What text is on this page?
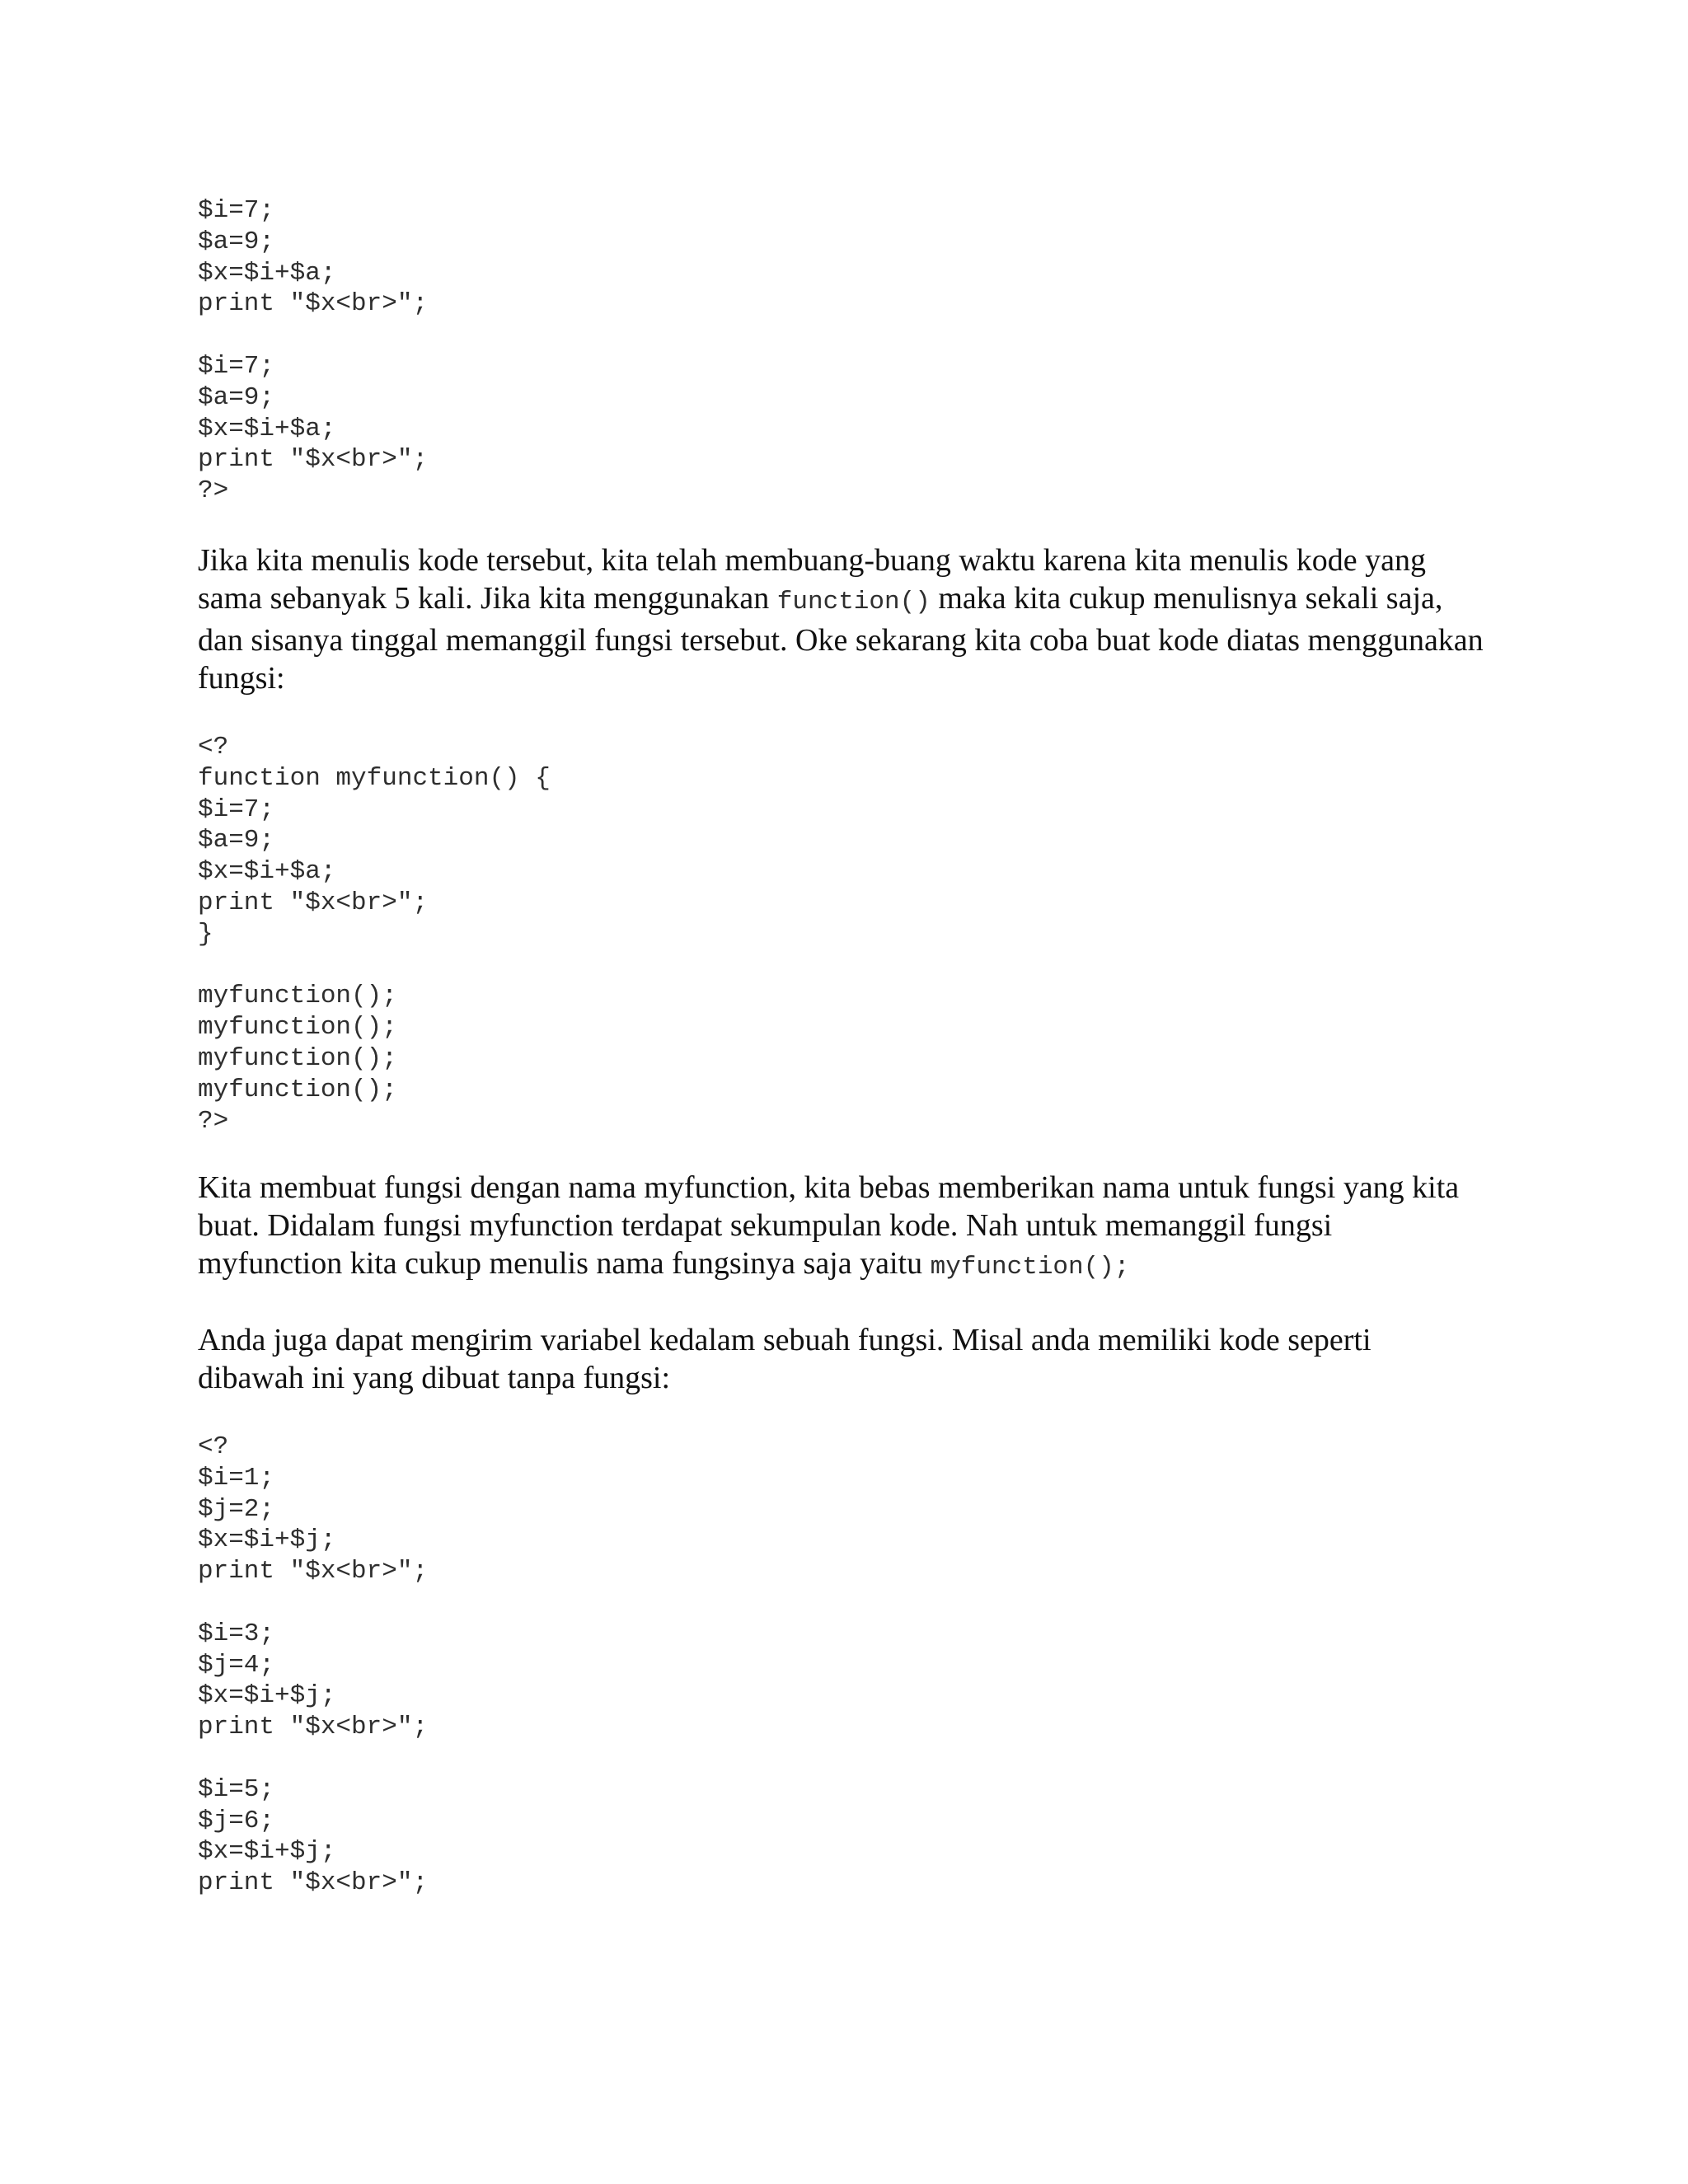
$i=7;
$a=9;
$x=$i+$a;
print "$x<br>";

$i=7;
$a=9;
$x=$i+$a;
print "$x<br>";
?>

Jika kita menulis kode tersebut, kita telah membuang-buang waktu karena kita menulis kode yang sama sebanyak 5 kali. Jika kita menggunakan function() maka kita cukup menulisnya sekali saja, dan sisanya tinggal memanggil fungsi tersebut. Oke sekarang kita coba buat kode diatas menggunakan fungsi:

<?
function myfunction() {
$i=7;
$a=9;
$x=$i+$a;
print "$x<br>";
}

myfunction();
myfunction();
myfunction();
myfunction();
?>

Kita membuat fungsi dengan nama myfunction, kita bebas memberikan nama untuk fungsi yang kita buat. Didalam fungsi myfunction terdapat sekumpulan kode. Nah untuk memanggil fungsi myfunction kita cukup menulis nama fungsinya saja yaitu myfunction();

Anda juga dapat mengirim variabel kedalam sebuah fungsi. Misal anda memiliki kode seperti dibawah ini yang dibuat tanpa fungsi:

<?
$i=1;
$j=2;
$x=$i+$j;
print "$x<br>";

$i=3;
$j=4;
$x=$i+$j;
print "$x<br>";

$i=5;
$j=6;
$x=$i+$j;
print "$x<br>";
